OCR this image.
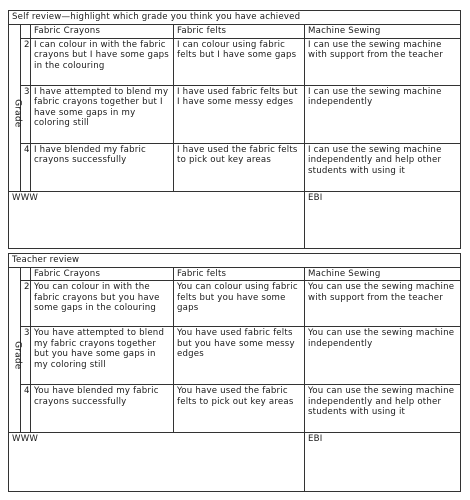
Self review—highlight which grade you think you have achieved				

Grade		Fabric Crayons	Fabric felts	Machine Sewing
	2	I can colour in with the fabric crayons but I have some gaps in the colouring	I can colour using fabric felts but I have some gaps	I can use the sewing machine with support from the teacher
	3	I have attempted to blend my fabric crayons together but I have some gaps in my coloring still	I have used fabric felts but I have some messy edges	I can use the sewing machine independently
	4	I have blended my fabric crayons successfully	I have used the fabric felts to pick out key areas	I can use the sewing machine independently and help other students with using it
WWW				EBI
Teacher review				

Grade		Fabric Crayons	Fabric felts	Machine Sewing
	2	You can colour in with the fabric crayons but you have some gaps in the colouring	You can colour using fabric felts but you have some gaps	You can use the sewing machine with support from the teacher
	3	You have attempted to blend my fabric crayons together but you have some gaps in my coloring still	You have used fabric felts but you have some messy edges	You can use the sewing machine independently
	4	You have blended my fabric crayons successfully	You have used the fabric felts to pick out key areas	You can use the sewing machine independently and help other students with using it
WWW				EBI
